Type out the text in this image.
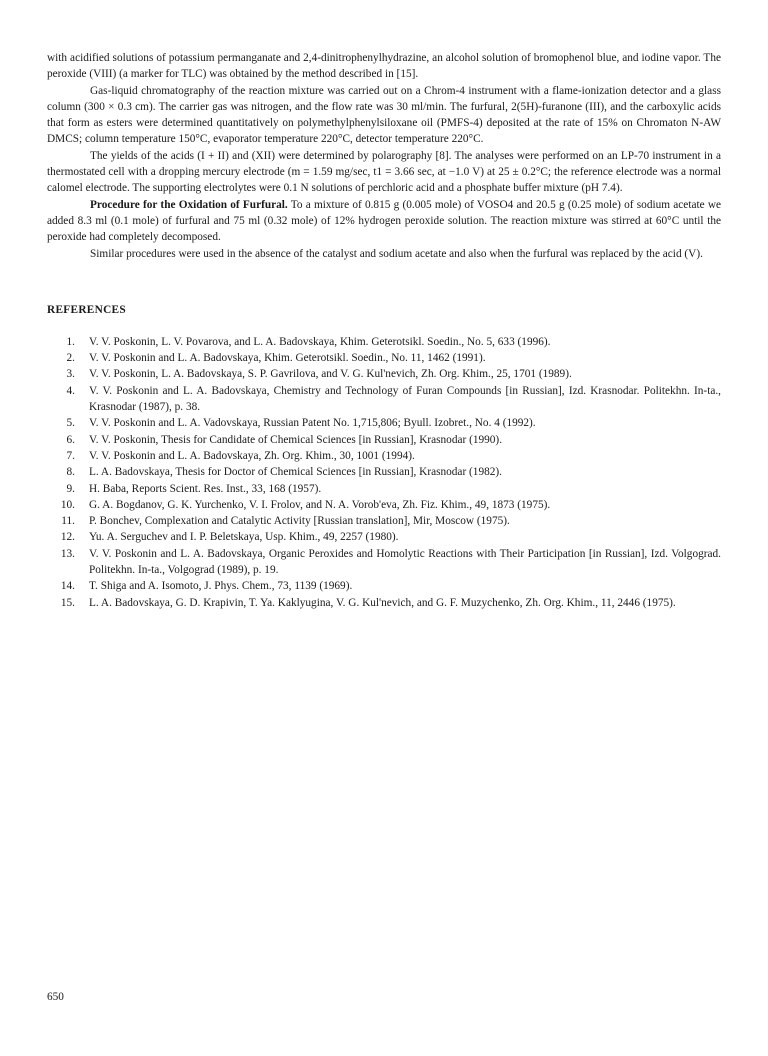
with acidified solutions of potassium permanganate and 2,4-dinitrophenylhydrazine, an alcohol solution of bromophenol blue, and iodine vapor. The peroxide (VIII) (a marker for TLC) was obtained by the method described in [15].

Gas-liquid chromatography of the reaction mixture was carried out on a Chrom-4 instrument with a flame-ionization detector and a glass column (300 × 0.3 cm). The carrier gas was nitrogen, and the flow rate was 30 ml/min. The furfural, 2(5H)-furanone (III), and the carboxylic acids that form as esters were determined quantitatively on polymethylphenylsiloxane oil (PMFS-4) deposited at the rate of 15% on Chromaton N-AW DMCS; column temperature 150°C, evaporator temperature 220°C, detector temperature 220°C.

The yields of the acids (I + II) and (XII) were determined by polarography [8]. The analyses were performed on an LP-70 instrument in a thermostated cell with a dropping mercury electrode (m = 1.59 mg/sec, t1 = 3.66 sec, at −1.0 V) at 25 ± 0.2°C; the reference electrode was a normal calomel electrode. The supporting electrolytes were 0.1 N solutions of perchloric acid and a phosphate buffer mixture (pH 7.4).

Procedure for the Oxidation of Furfural. To a mixture of 0.815 g (0.005 mole) of VOSO4 and 20.5 g (0.25 mole) of sodium acetate we added 8.3 ml (0.1 mole) of furfural and 75 ml (0.32 mole) of 12% hydrogen peroxide solution. The reaction mixture was stirred at 60°C until the peroxide had completely decomposed.

Similar procedures were used in the absence of the catalyst and sodium acetate and also when the furfural was replaced by the acid (V).

REFERENCES
1.	V. V. Poskonin, L. V. Povarova, and L. A. Badovskaya, Khim. Geterotsikl. Soedin., No. 5, 633 (1996).
2.	V. V. Poskonin and L. A. Badovskaya, Khim. Geterotsikl. Soedin., No. 11, 1462 (1991).
3.	V. V. Poskonin, L. A. Badovskaya, S. P. Gavrilova, and V. G. Kul'nevich, Zh. Org. Khim., 25, 1701 (1989).
4.	V. V. Poskonin and L. A. Badovskaya, Chemistry and Technology of Furan Compounds [in Russian], Izd. Krasnodar. Politekhn. In-ta., Krasnodar (1987), p. 38.
5.	V. V. Poskonin and L. A. Vadovskaya, Russian Patent No. 1,715,806; Byull. Izobret., No. 4 (1992).
6.	V. V. Poskonin, Thesis for Candidate of Chemical Sciences [in Russian], Krasnodar (1990).
7.	V. V. Poskonin and L. A. Badovskaya, Zh. Org. Khim., 30, 1001 (1994).
8.	L. A. Badovskaya, Thesis for Doctor of Chemical Sciences [in Russian], Krasnodar (1982).
9.	H. Baba, Reports Scient. Res. Inst., 33, 168 (1957).
10.	G. A. Bogdanov, G. K. Yurchenko, V. I. Frolov, and N. A. Vorob'eva, Zh. Fiz. Khim., 49, 1873 (1975).
11.	P. Bonchev, Complexation and Catalytic Activity [Russian translation], Mir, Moscow (1975).
12.	Yu. A. Serguchev and I. P. Beletskaya, Usp. Khim., 49, 2257 (1980).
13.	V. V. Poskonin and L. A. Badovskaya, Organic Peroxides and Homolytic Reactions with Their Participation [in Russian], Izd. Volgograd. Politekhn. In-ta., Volgograd (1989), p. 19.
14.	T. Shiga and A. Isomoto, J. Phys. Chem., 73, 1139 (1969).
15.	L. A. Badovskaya, G. D. Krapivin, T. Ya. Kaklyugina, V. G. Kul'nevich, and G. F. Muzychenko, Zh. Org. Khim., 11, 2446 (1975).
650
